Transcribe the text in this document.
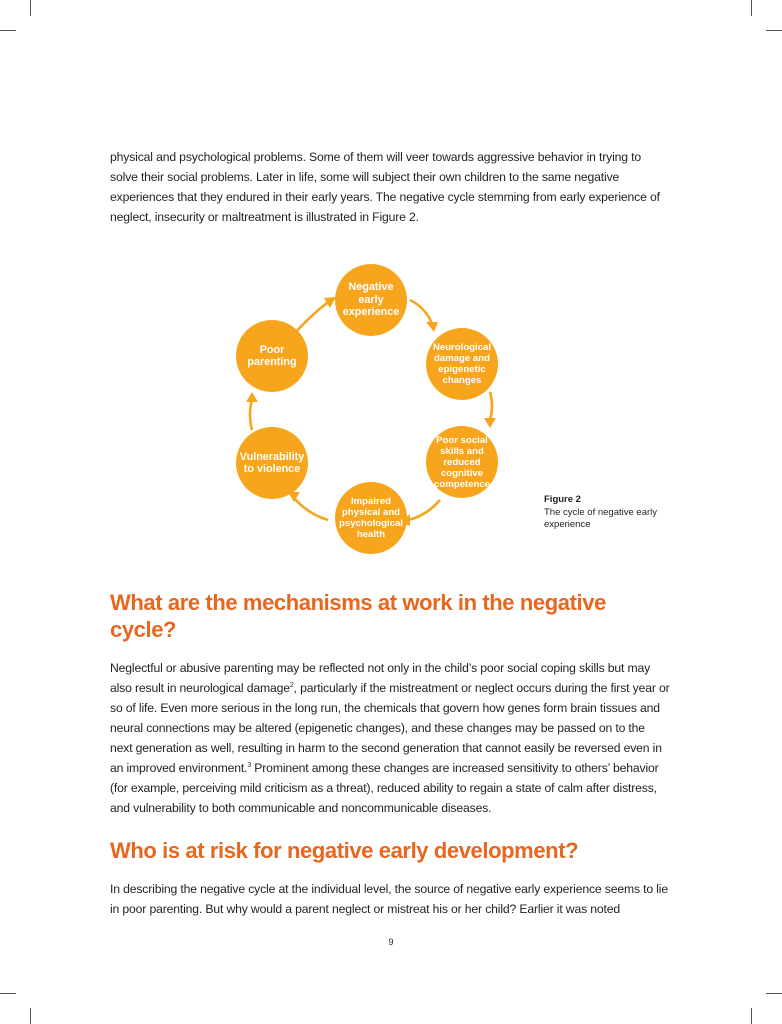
physical and psychological problems. Some of them will veer towards aggressive behavior in trying to solve their social problems. Later in life, some will subject their own children to the same negative experiences that they endured in their early years. The negative cycle stemming from early experience of neglect, insecurity or maltreatment is illustrated in Figure 2.

Negative
early
experience
Neurological
damage and
epigenetic
changes
Poor social
skills and
reduced
cognitive
competence
Impaired
physical and
psychological
health
Vulnerability
to violence
Poor
parenting
Figure 2
The cycle of negative early experience
What are the mechanisms at work in the negative cycle?

Neglectful or abusive parenting may be reflected not only in the child’s poor social coping skills but may also result in neurological damage$^2$, particularly if the mistreatment or neglect occurs during the first year or so of life. Even more serious in the long run, the chemicals that govern how genes form brain tissues and neural connections may be altered (epigenetic changes), and these changes may be passed on to the next generation as well, resulting in harm to the second generation that cannot easily be reversed even in an improved environment.$^3$ Prominent among these changes are increased sensitivity to others’ behavior (for example, perceiving mild criticism as a threat), reduced ability to regain a state of calm after distress, and vulnerability to both communicable and noncommunicable diseases.

Who is at risk for negative early development?

In describing the negative cycle at the individual level, the source of negative early experience seems to lie in poor parenting. But why would a parent neglect or mistreat his or her child? Earlier it was noted

9
